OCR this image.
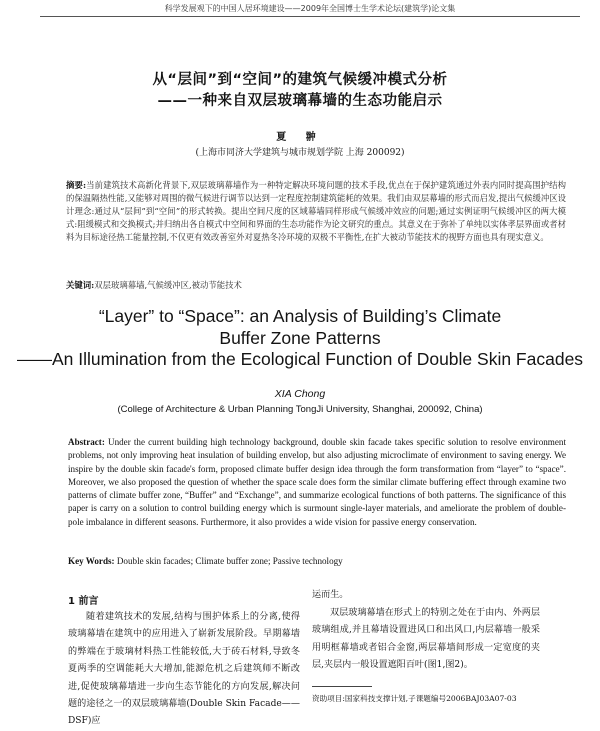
科学发展观下的中国人居环境建设——2009年全国博士生学术论坛(建筑学)论文集
从“层间”到“空间”的建筑气候缓冲模式分析
——一种来自双层玻璃幕墙的生态功能启示
夏 翀
(上海市同济大学建筑与城市规划学院 上海 200092)
摘要:当前建筑技术高新化背景下,双层玻璃幕墙作为一种特定解决环境问题的技术手段,优点在于保护建筑通过外表内同时提高围护结构的保温隔热性能,又能够对周围的微气候进行调节以达到一定程度控制建筑能耗的效果。我们由双层幕墙的形式而启发,提出气候缓冲区设计理念:通过从“层间”到“空间”的形式转换。提出空间尺度的区域幕墙同样形成气候缓冲效应的问题;通过实例证明气候缓冲区的两大模式:阻缓模式和交换模式;并归纳出各自模式中空间和界面的生态功能作为论文研究的重点。其意义在于弥补了单纯以实体孝层界面或者材料为目标途径热工能量控制,不仅更有效改善室外对夏热冬冷环境的双极不平衡性,在扩大被动节能技术的视野方面也具有现实意义。
关键词:双层玻璃幕墙,气候缓冲区,被动节能技术
“Layer” to “Space”: an Analysis of Building’s Climate
Buffer Zone Patterns
——An Illumination from the Ecological Function of Double Skin Facades
XIA Chong
(College of Architecture & Urban Planning TongJi University, Shanghai, 200092, China)
Abstract: Under the current building high technology background, double skin facade takes specific solution to resolve environment problems, not only improving heat insulation of building envelop, but also adjusting microclimate of environment to saving energy. We inspire by the double skin facade's form, proposed climate buffer design idea through the form transformation from “layer” to “space”. Moreover, we also proposed the question of whether the space scale does form the similar climate buffering effect through examine two patterns of climate buffer zone, “Buffer” and “Exchange”, and summarize ecological functions of both patterns. The significance of this paper is carry on a solution to control building energy which is surmount single-layer materials, and ameliorate the problem of double-pole imbalance in different seasons. Furthermore, it also provides a wide vision for passive energy conservation.
Key Words: Double skin facades; Climate buffer zone; Passive technology
1 前言
随着建筑技术的发展,结构与围护体系上的分离,使得玻璃幕墙在建筑中的应用进入了崭新发展阶段。早期幕墙的弊端在于玻璃材料热工性能较低,大于砖石材料,导致冬夏两季的空调能耗大大增加,能源危机之后建筑师不断改进,促使玻璃幕墙进一步向生态节能化的方向发展,解决问题的途径之一的双层玻璃幕墙(Double Skin Facade——DSF)应
运而生。
双层玻璃幕墙在形式上的特别之处在于由内、外两层玻璃组成,并且幕墙设置进风口和出风口,内层幕墙一般采用明框幕墙或者铝合金窗,两层幕墙间形成一定宽度的夹层,夹层内一般设置遮阳百叶(图1,图2)。
资助项目:国家科技支撑计划,子课题编号2006BAJ03A07-03
